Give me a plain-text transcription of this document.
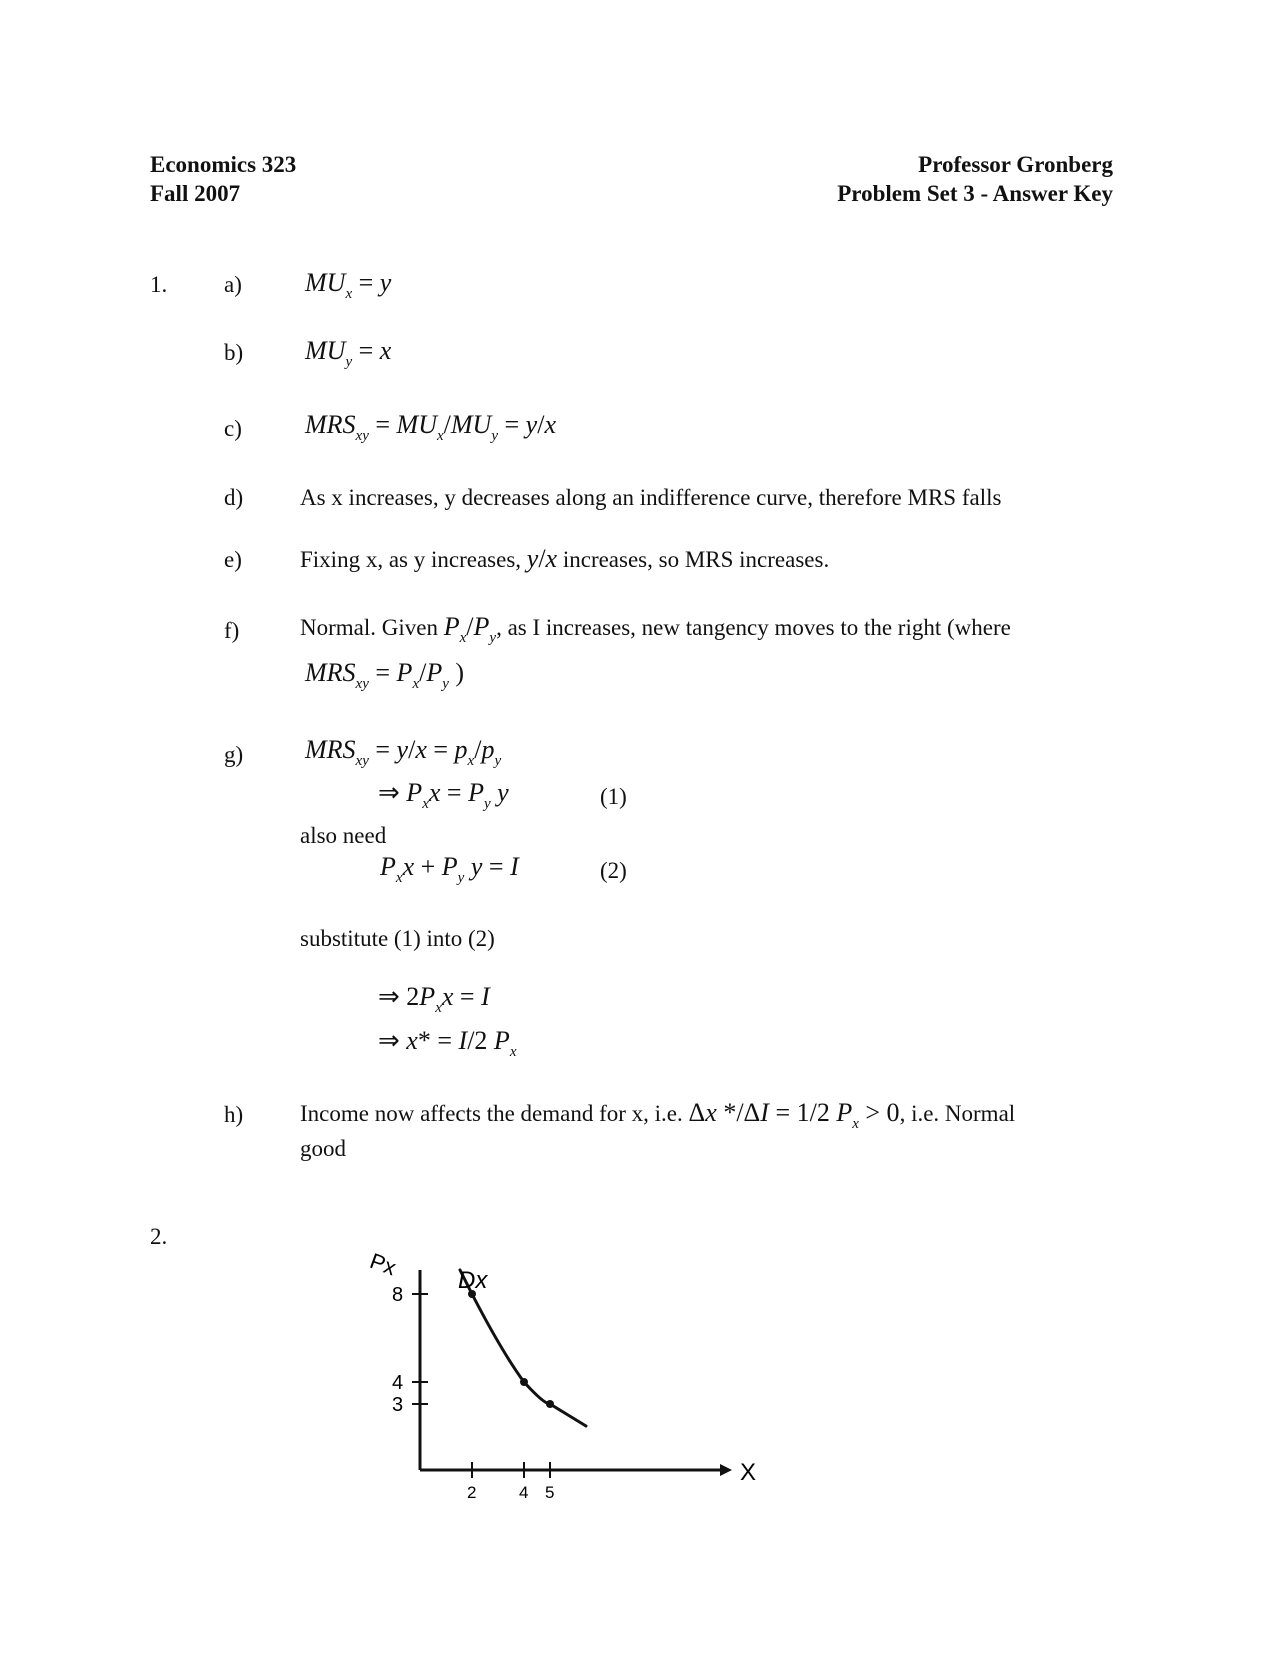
Economics 323
Fall 2007
Professor Gronberg
Problem Set 3 - Answer Key
1. a) $MU_x = y$
b) $MU_y = x$
c) $MRS_{xy} = MU_x/MU_y = y/x$
d) As x increases, y decreases along an indifference curve, therefore MRS falls
e)	Fixing x, as y increases, y/x increases, so MRS increases.
f)	Normal. Given $P_x/P_y$, as I increases, new tangency moves to the right (where
$MRS_{xy} = P_x/P_y$ )
g) $MRS_{xy} = y/x = p_x/p_y$
⇒ $P_xx = P_y$ y	(1)
also need
$P_xx + P_y$ y = I	(2)
substitute (1) into (2)
⇒ $2P_xx = I$
⇒ x* = I/2 $P_x$
h) Income now affects the demand for x, i.e. Δx */ΔI = 1/2 $P_x > 0$, i.e. Normal
good
2.
Px
X
2	4 5
8
4
3
Dx
